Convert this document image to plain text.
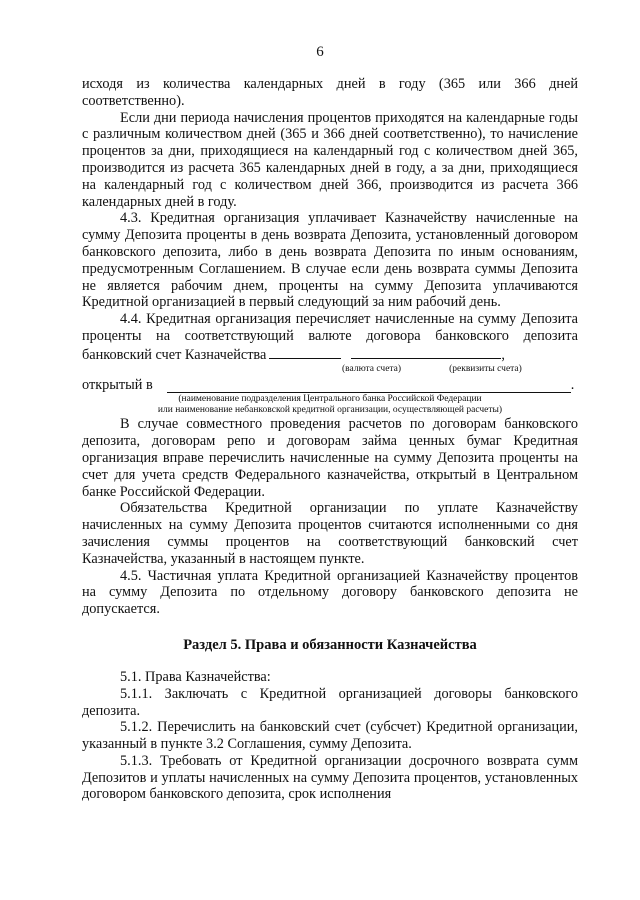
6

исходя из количества календарных дней в году (365 или 366 дней соответственно).

Если дни периода начисления процентов приходятся на календарные годы с различным количеством дней (365 и 366 дней соответственно), то начисление процентов за дни, приходящиеся на календарный год с количеством дней 365, производится из расчета 365 календарных дней в году, а за дни, приходящиеся на календарный год с количеством дней 366, производится из расчета 366 календарных дней в году.

4.3. Кредитная организация уплачивает Казначейству начисленные на сумму Депозита проценты в день возврата Депозита, установленный договором банковского депозита, либо в день возврата Депозита по иным основаниям, предусмотренным Соглашением. В случае если день возврата суммы Депозита не является рабочим днем, проценты на сумму Депозита уплачиваются Кредитной организацией в первый следующий за ним рабочий день.

4.4. Кредитная организация перечисляет начисленные на сумму Депозита проценты на соответствующий валюте договора банковского депозита банковский счет Казначейства	,

(валюта счета)	(реквизиты счета)
открытый в	.
(наименование подразделения Центрального банка Российской Федерации
или наименование небанковской кредитной организации, осуществляющей расчеты)

В случае совместного проведения расчетов по договорам банковского депозита, договорам репо и договорам займа ценных бумаг Кредитная организация вправе перечислить начисленные на сумму Депозита проценты на счет для учета средств Федерального казначейства, открытый в Центральном банке Российской Федерации.

Обязательства Кредитной организации по уплате Казначейству начисленных на сумму Депозита процентов считаются исполненными со дня зачисления суммы процентов на соответствующий банковский счет Казначейства, указанный в настоящем пункте.

4.5. Частичная уплата Кредитной организацией Казначейству процентов на сумму Депозита по отдельному договору банковского депозита не допускается.

Раздел 5. Права и обязанности Казначейства

5.1. Права Казначейства:

5.1.1. Заключать с Кредитной организацией договоры банковского депозита.

5.1.2. Перечислить на банковский счет (субсчет) Кредитной организации, указанный в пункте 3.2 Соглашения, сумму Депозита.

5.1.3. Требовать от Кредитной организации досрочного возврата сумм Депозитов и уплаты начисленных на сумму Депозита процентов, установленных договором банковского депозита, срок исполнения
